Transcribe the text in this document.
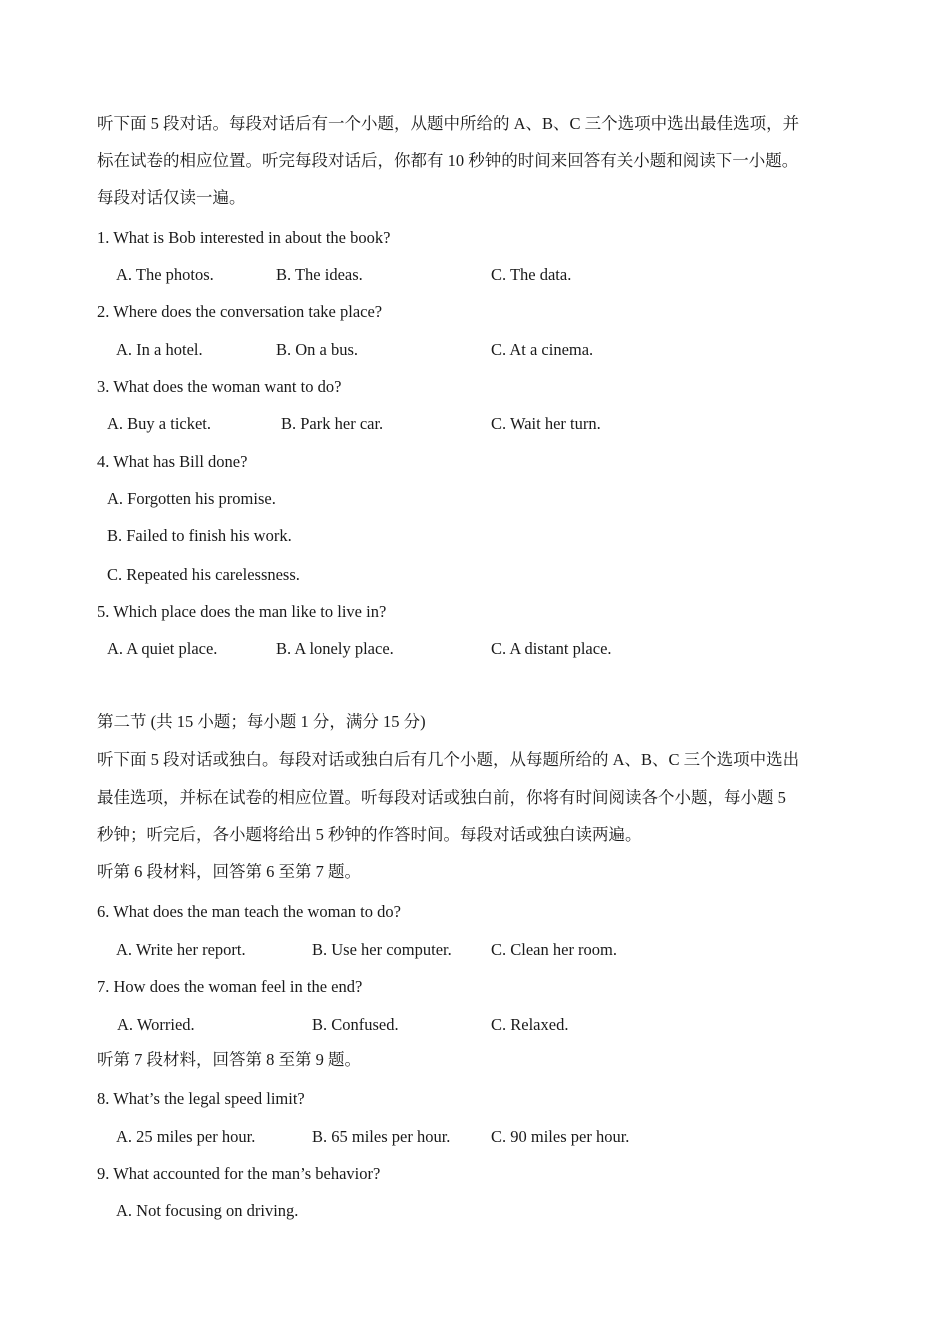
听下面 5 段对话。每段对话后有一个小题，从题中所给的 A、B、C 三个选项中选出最佳选项，并
标在试卷的相应位置。听完每段对话后，你都有 10 秒钟的时间来回答有关小题和阅读下一小题。
每段对话仅读一遍。
1. What is Bob interested in about the book?
A. The photos.	B. The ideas.	C. The data.
2. Where does the conversation take place?
A. In a hotel.	B. On a bus.	C. At a cinema.
3. What does the woman want to do?
A. Buy a ticket.	B. Park her car.	C. Wait her turn.
4. What has Bill done?
A. Forgotten his promise.
B. Failed to finish his work.
C. Repeated his carelessness.
5. Which place does the man like to live in?
A. A quiet place.	B. A lonely place.	C. A distant place.
第二节 (共 15 小题；每小题 1 分，满分 15 分)
听下面 5 段对话或独白。每段对话或独白后有几个小题，从每题所给的 A、B、C 三个选项中选出
最佳选项，并标在试卷的相应位置。听每段对话或独白前，你将有时间阅读各个小题，每小题 5
秒钟；听完后，各小题将给出 5 秒钟的作答时间。每段对话或独白读两遍。
听第 6 段材料，回答第 6 至第 7 题。
6. What does the man teach the woman to do?
A. Write her report.	B. Use her computer. C. Clean her room.
7. How does the woman feel in the end?
A. Worried.	B. Confused.	C. Relaxed.
听第 7 段材料，回答第 8 至第 9 题。
8. What’s the legal speed limit?
A. 25 miles per hour.	B. 65 miles per hour. C. 90 miles per hour.
9. What accounted for the man’s behavior?
A. Not focusing on driving.
